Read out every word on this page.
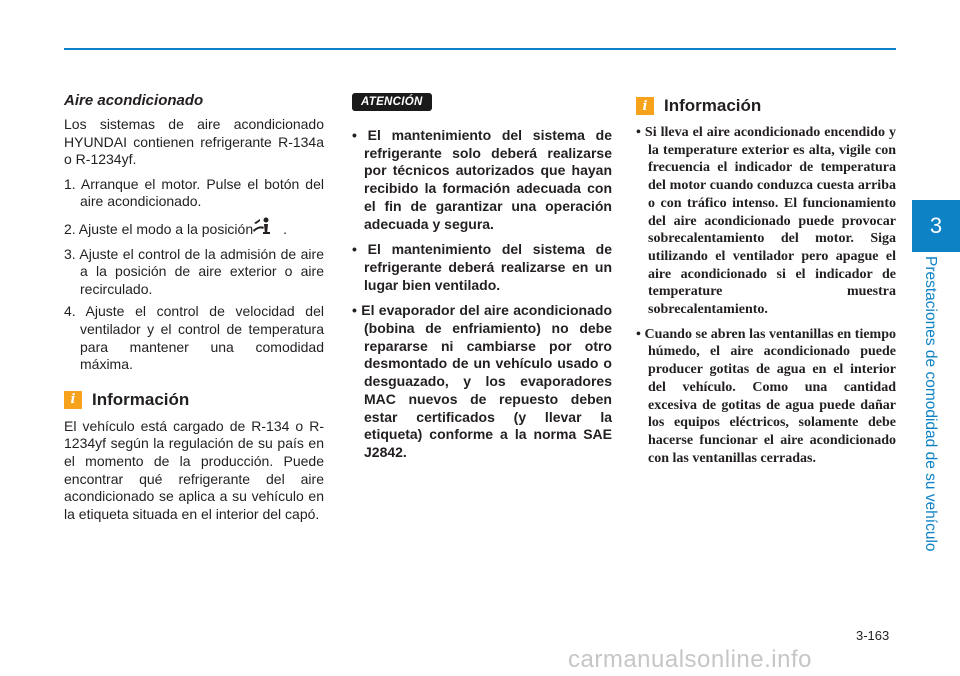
3
Prestaciones de comodidad de su vehículo
Aire acondicionado

Los sistemas de aire acondicionado HYUNDAI contienen refrigerante R-134a o R-1234yf.

1. Arranque el motor. Pulse el botón del aire acondicionado.
2. Ajuste el modo a la posición .
3. Ajuste el control de la admisión de aire a la posición de aire exterior o aire recirculado.
4. Ajuste el control de velocidad del ventilador y el control de temperatura para mantener una comodidad máxima.
i Información

El vehículo está cargado de R-134 o R-1234yf según la regulación de su país en el momento de la producción. Puede encontrar qué refrigerante del aire acondicionado se aplica a su vehículo en la etiqueta situada en el interior del capó.

ATENCIÓN
• El mantenimiento del sistema de refrigerante solo deberá realizarse por técnicos autorizados que hayan recibido la formación adecuada con el fin de garantizar una operación adecuada y segura.
• El mantenimiento del sistema de refrigerante deberá realizarse en un lugar bien ventilado.
• El evaporador del aire acondicionado (bobina de enfriamiento) no debe repararse ni cambiarse por otro desmontado de un vehículo usado o desguazado, y los evaporadores MAC nuevos de repuesto deben estar certificados (y llevar la etiqueta) conforme a la norma SAE J2842.
i Información
• Si lleva el aire acondicionado encendido y la temperature exterior es alta, vigile con frecuencia el indicador de temperatura del motor cuando conduzca cuesta arriba o con tráfico intenso. El funcionamiento del aire acondicionado puede provocar sobrecalentamiento del motor. Siga utilizando el ventilador pero apague el aire acondicionado si el indicador de temperature muestra sobrecalentamiento.
• Cuando se abren las ventanillas en tiempo húmedo, el aire acondicionado puede producer gotitas de agua en el interior del vehículo. Como una cantidad excesiva de gotitas de agua puede dañar los equipos eléctricos, solamente debe hacerse funcionar el aire acondicionado con las ventanillas cerradas.
3-163
carmanualsonline.info
